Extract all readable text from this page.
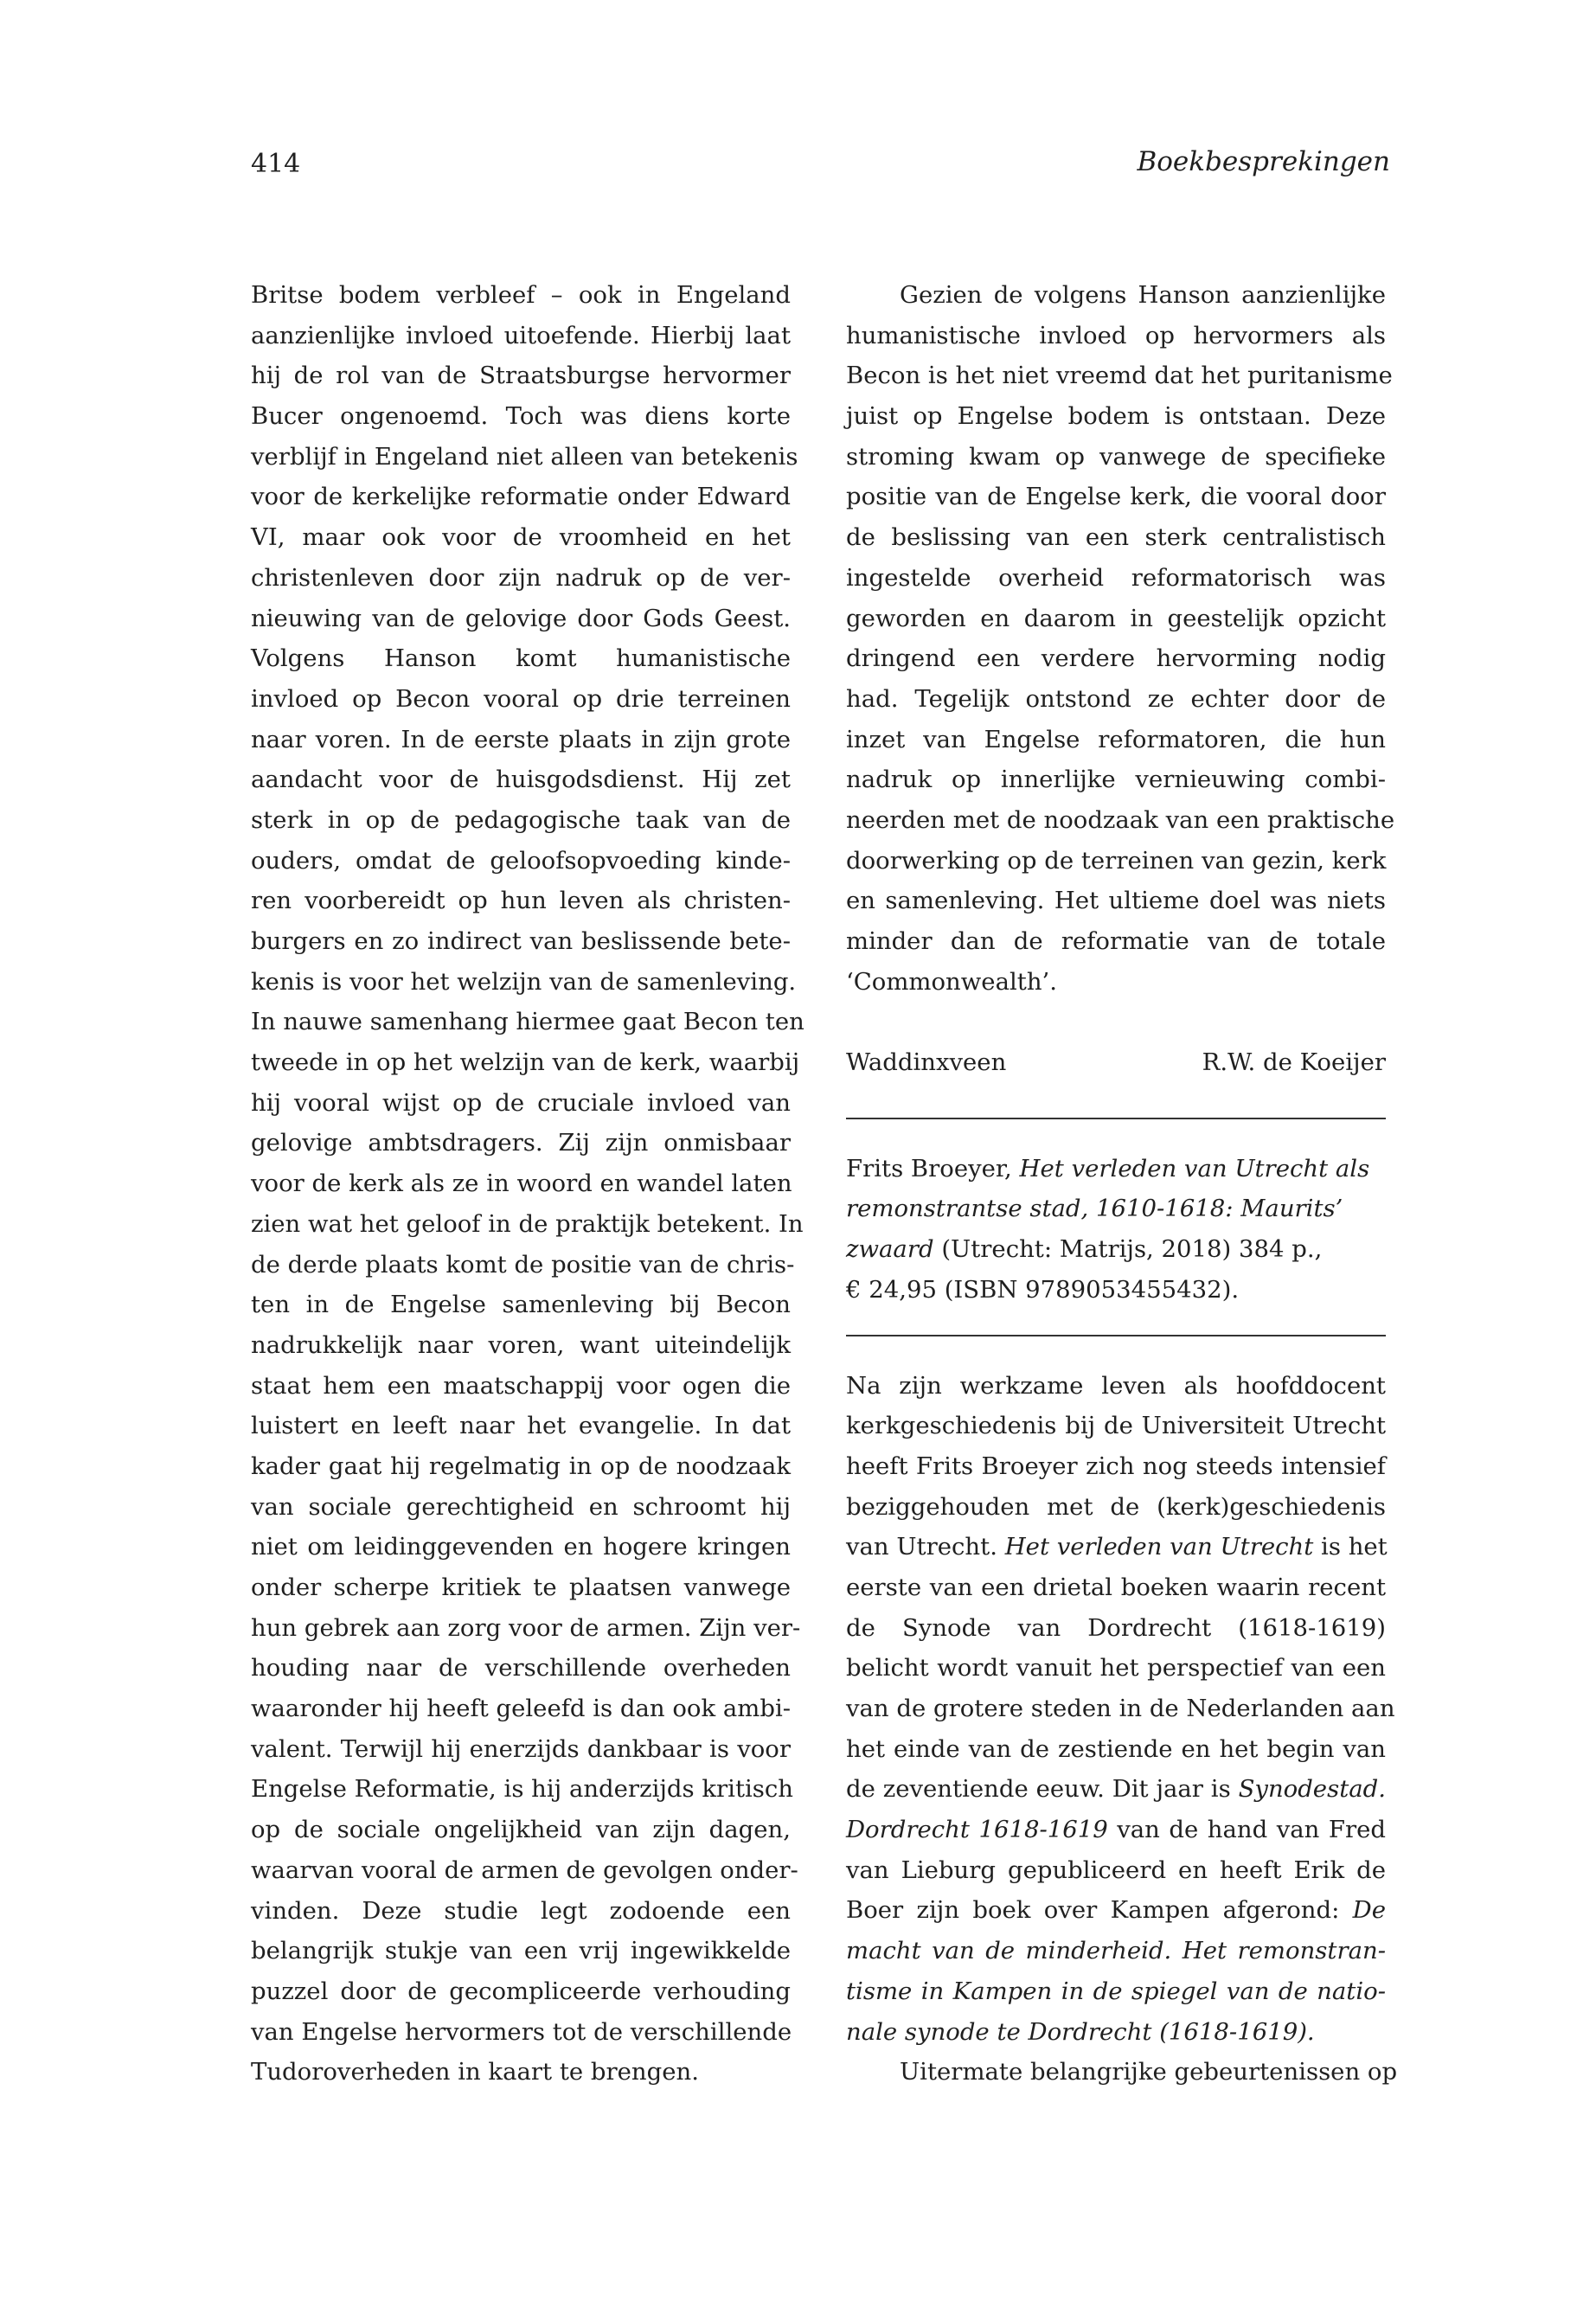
414	Boekbesprekingen
Britse bodem verbleef – ook in Engeland
aanzienlijke invloed uitoefende. Hierbij laat
hij de rol van de Straatsburgse hervormer
Bucer ongenoemd. Toch was diens korte
verblijf in Engeland niet alleen van betekenis
voor de kerkelijke reformatie onder Edward
VI, maar ook voor de vroomheid en het
christenleven door zijn nadruk op de ver-
nieuwing van de gelovige door Gods Geest.
Volgens Hanson komt humanistische
invloed op Becon vooral op drie terreinen
naar voren. In de eerste plaats in zijn grote
aandacht voor de huisgodsdienst. Hij zet
sterk in op de pedagogische taak van de
ouders, omdat de geloofsopvoeding kinde-
ren voorbereidt op hun leven als christen-
burgers en zo indirect van beslissende bete-
kenis is voor het welzijn van de samenleving.
In nauwe samenhang hiermee gaat Becon ten
tweede in op het welzijn van de kerk, waarbij
hij vooral wijst op de cruciale invloed van
gelovige ambtsdragers. Zij zijn onmisbaar
voor de kerk als ze in woord en wandel laten
zien wat het geloof in de praktijk betekent. In
de derde plaats komt de positie van de chris-
ten in de Engelse samenleving bij Becon
nadrukkelijk naar voren, want uiteindelijk
staat hem een maatschappij voor ogen die
luistert en leeft naar het evangelie. In dat
kader gaat hij regelmatig in op de noodzaak
van sociale gerechtigheid en schroomt hij
niet om leidinggevenden en hogere kringen
onder scherpe kritiek te plaatsen vanwege
hun gebrek aan zorg voor de armen. Zijn ver-
houding naar de verschillende overheden
waaronder hij heeft geleefd is dan ook ambi-
valent. Terwijl hij enerzijds dankbaar is voor
Engelse Reformatie, is hij anderzijds kritisch
op de sociale ongelijkheid van zijn dagen,
waarvan vooral de armen de gevolgen onder-
vinden. Deze studie legt zodoende een
belangrijk stukje van een vrij ingewikkelde
puzzel door de gecompliceerde verhouding
van Engelse hervormers tot de verschillende
Tudoroverheden in kaart te brengen.
Gezien de volgens Hanson aanzienlijke
humanistische invloed op hervormers als
Becon is het niet vreemd dat het puritanisme
juist op Engelse bodem is ontstaan. Deze
stroming kwam op vanwege de specifieke
positie van de Engelse kerk, die vooral door
de beslissing van een sterk centralistisch
ingestelde overheid reformatorisch was
geworden en daarom in geestelijk opzicht
dringend een verdere hervorming nodig
had. Tegelijk ontstond ze echter door de
inzet van Engelse reformatoren, die hun
nadruk op innerlijke vernieuwing combi-
neerden met de noodzaak van een praktische
doorwerking op de terreinen van gezin, kerk
en samenleving. Het ultieme doel was niets
minder dan de reformatie van de totale
‘Commonwealth’.
Waddinxveen	R.W. de Koeijer
Frits Broeyer, Het verleden van Utrecht als
remonstrantse stad, 1610-1618: Maurits’
zwaard (Utrecht: Matrijs, 2018) 384 p.,
€ 24,95 (ISBN 9789053455432).
Na zijn werkzame leven als hoofddocent
kerkgeschiedenis bij de Universiteit Utrecht
heeft Frits Broeyer zich nog steeds intensief
beziggehouden met de (kerk)geschiedenis
van Utrecht. Het verleden van Utrecht is het
eerste van een drietal boeken waarin recent
de Synode van Dordrecht (1618-1619)
belicht wordt vanuit het perspectief van een
van de grotere steden in de Nederlanden aan
het einde van de zestiende en het begin van
de zeventiende eeuw. Dit jaar is Synodestad.
Dordrecht 1618-1619 van de hand van Fred
van Lieburg gepubliceerd en heeft Erik de
Boer zijn boek over Kampen afgerond: De
macht van de minderheid. Het remonstran-
tisme in Kampen in de spiegel van de natio-
nale synode te Dordrecht (1618-1619).
Uitermate belangrijke gebeurtenissen op
